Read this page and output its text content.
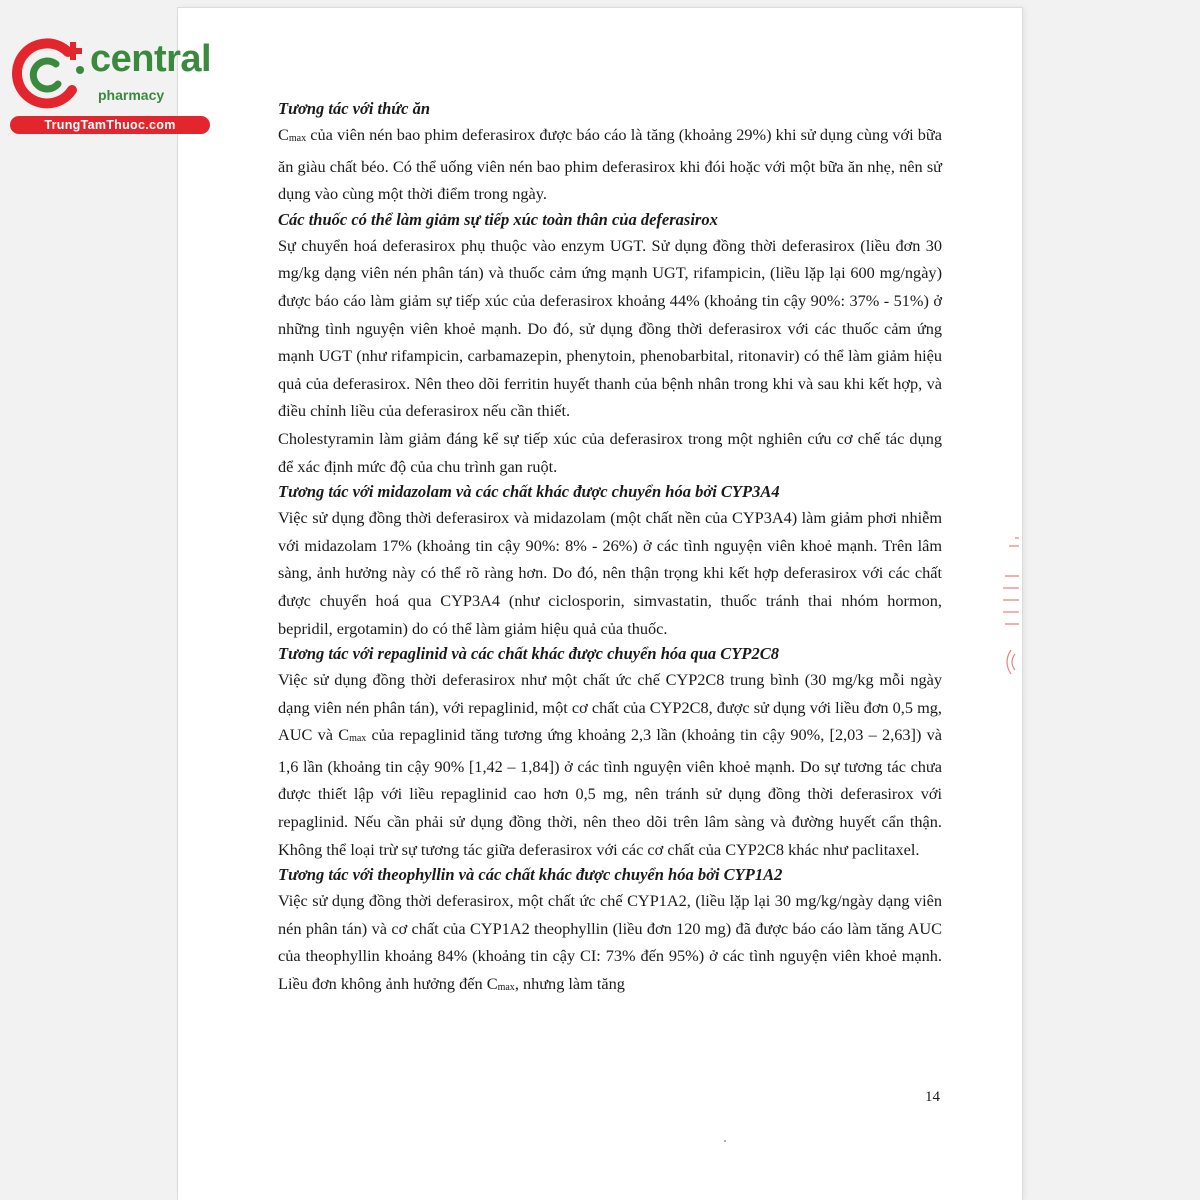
central
pharmacy
TrungTamThuoc.com
Tương tác với thức ăn

$C_{max}$ của viên nén bao phim deferasirox được báo cáo là tăng (khoảng 29%) khi sử dụng cùng với bữa ăn giàu chất béo. Có thể uống viên nén bao phim deferasirox khi đói hoặc với một bữa ăn nhẹ, nên sử dụng vào cùng một thời điểm trong ngày.

Các thuốc có thể làm giảm sự tiếp xúc toàn thân của deferasirox

Sự chuyển hoá deferasirox phụ thuộc vào enzym UGT. Sử dụng đồng thời deferasirox (liều đơn 30 mg/kg dạng viên nén phân tán) và thuốc cảm ứng mạnh UGT, rifampicin, (liều lặp lại 600 mg/ngày) được báo cáo làm giảm sự tiếp xúc của deferasirox khoảng 44% (khoảng tin cậy 90%: 37% - 51%) ở những tình nguyện viên khoẻ mạnh. Do đó, sử dụng đồng thời deferasirox với các thuốc cảm ứng mạnh UGT (như rifampicin, carbamazepin, phenytoin, phenobarbital, ritonavir) có thể làm giảm hiệu quả của deferasirox. Nên theo dõi ferritin huyết thanh của bệnh nhân trong khi và sau khi kết hợp, và điều chỉnh liều của deferasirox nếu cần thiết.

Cholestyramin làm giảm đáng kể sự tiếp xúc của deferasirox trong một nghiên cứu cơ chế tác dụng để xác định mức độ của chu trình gan ruột.

Tương tác với midazolam và các chất khác được chuyển hóa bởi CYP3A4

Việc sử dụng đồng thời deferasirox và midazolam (một chất nền của CYP3A4) làm giảm phơi nhiễm với midazolam 17% (khoảng tin cậy 90%: 8% - 26%) ở các tình nguyện viên khoẻ mạnh. Trên lâm sàng, ảnh hưởng này có thể rõ ràng hơn. Do đó, nên thận trọng khi kết hợp deferasirox với các chất được chuyển hoá qua CYP3A4 (như ciclosporin, simvastatin, thuốc tránh thai nhóm hormon, bepridil, ergotamin) do có thể làm giảm hiệu quả của thuốc.

Tương tác với repaglinid và các chất khác được chuyển hóa qua CYP2C8

Việc sử dụng đồng thời deferasirox như một chất ức chế CYP2C8 trung bình (30 mg/kg mỗi ngày dạng viên nén phân tán), với repaglinid, một cơ chất của CYP2C8, được sử dụng với liều đơn 0,5 mg, AUC và $C_{max}$ của repaglinid tăng tương ứng khoảng 2,3 lần (khoảng tin cậy 90%, [2,03 – 2,63]) và 1,6 lần (khoảng tin cậy 90% [1,42 – 1,84]) ở các tình nguyện viên khoẻ mạnh. Do sự tương tác chưa được thiết lập với liều repaglinid cao hơn 0,5 mg, nên tránh sử dụng đồng thời deferasirox với repaglinid. Nếu cần phải sử dụng đồng thời, nên theo dõi trên lâm sàng và đường huyết cẩn thận. Không thể loại trừ sự tương tác giữa deferasirox với các cơ chất của CYP2C8 khác như paclitaxel.

Tương tác với theophyllin và các chất khác được chuyển hóa bởi CYP1A2

Việc sử dụng đồng thời deferasirox, một chất ức chế CYP1A2, (liều lặp lại 30 mg/kg/ngày dạng viên nén phân tán) và cơ chất của CYP1A2 theophyllin (liều đơn 120 mg) đã được báo cáo làm tăng AUC của theophyllin khoảng 84% (khoảng tin cậy CI: 73% đến 95%) ở các tình nguyện viên khoẻ mạnh. Liều đơn không ảnh hưởng đến $C_{max}$, nhưng làm tăng

14
